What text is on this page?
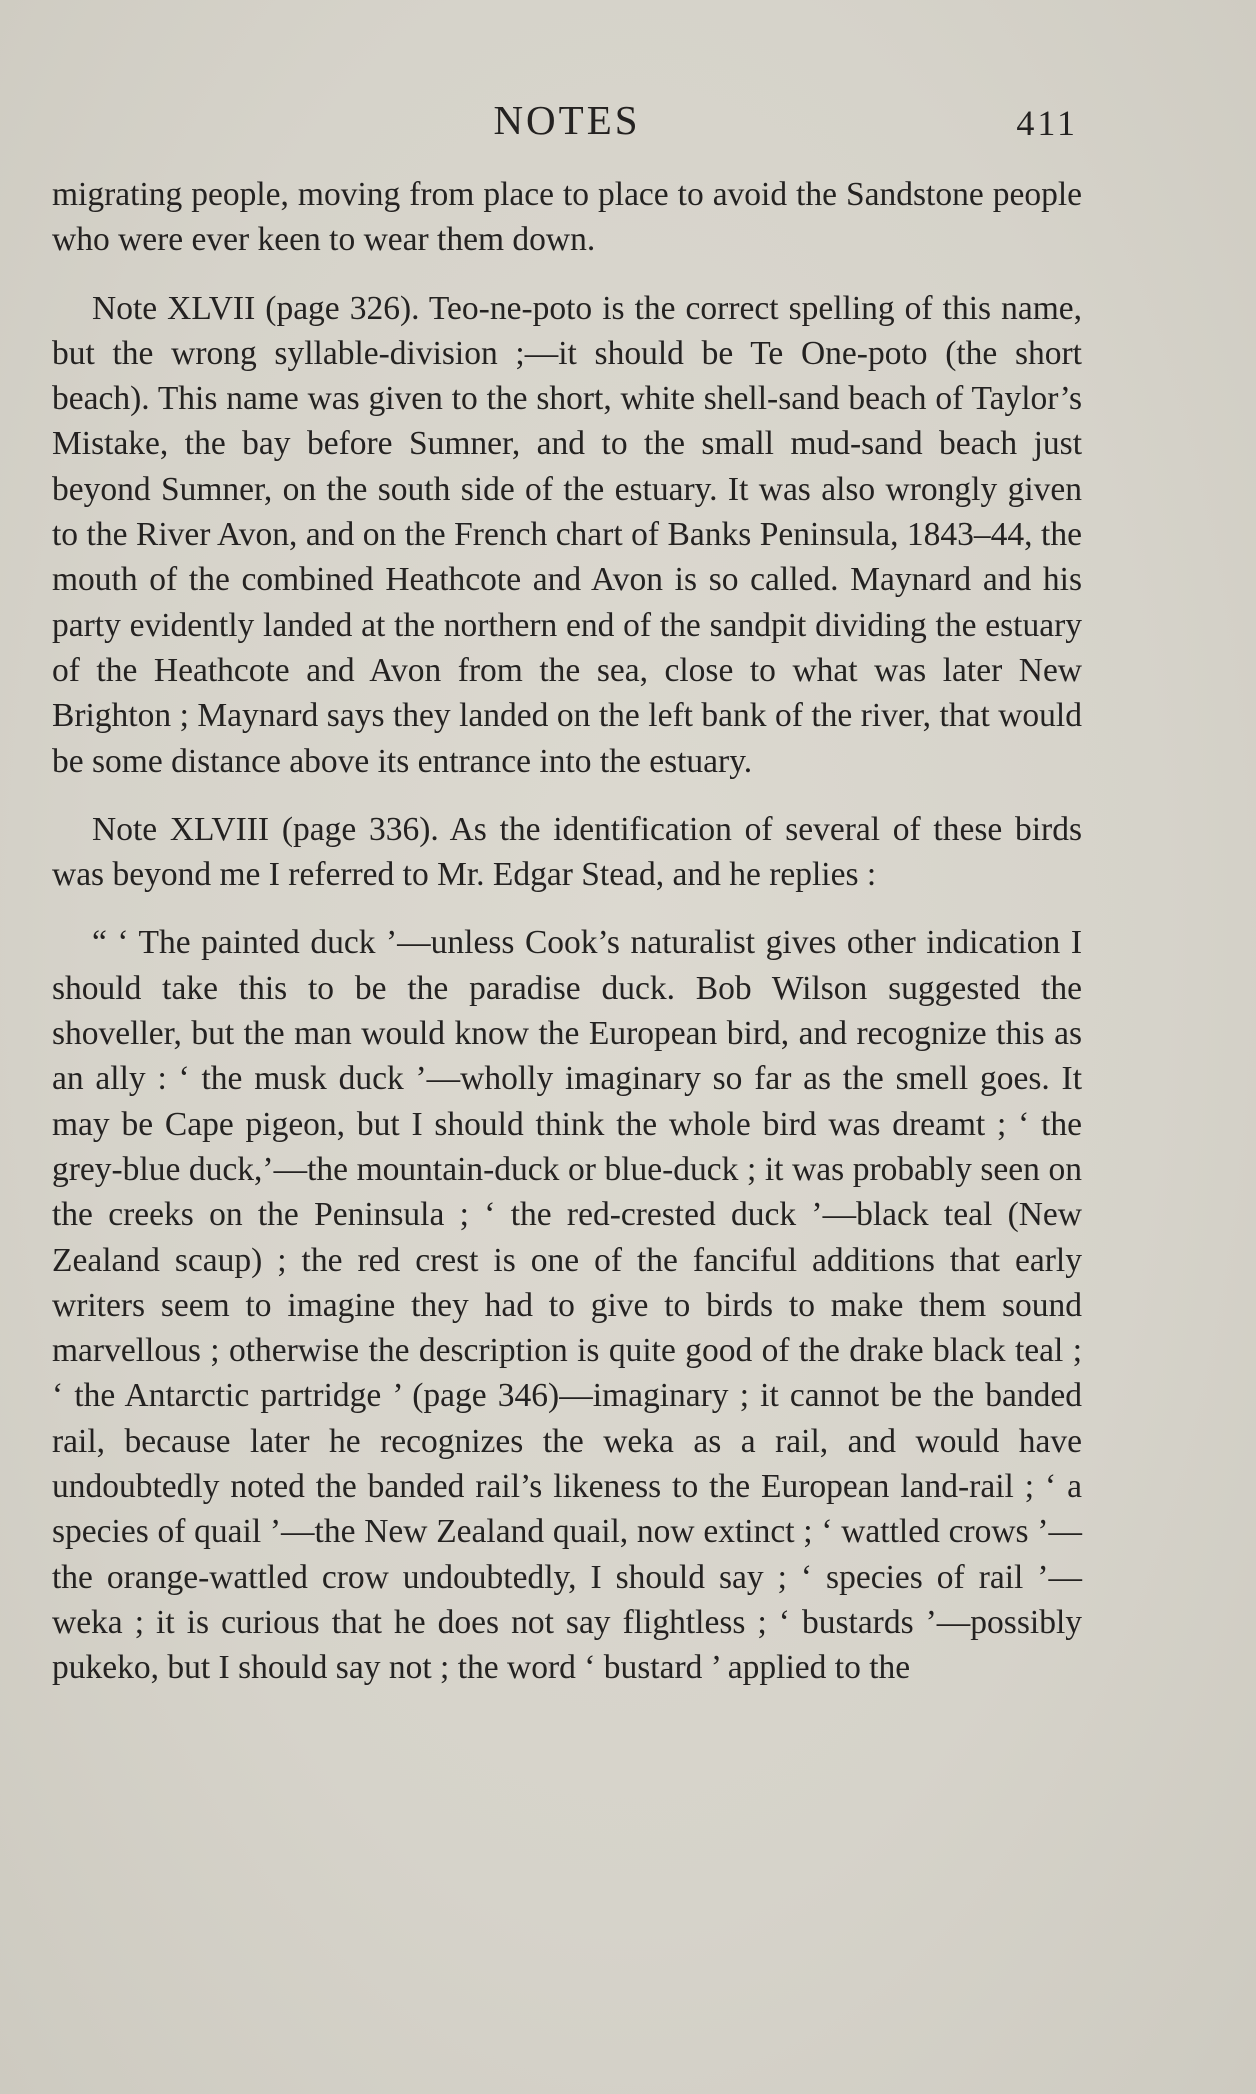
NOTES	411

migrating people, moving from place to place to avoid the Sandstone people who were ever keen to wear them down.

Note XLVII (page 326). Teo-ne-poto is the correct spelling of this name, but the wrong syllable-division ;—it should be Te One-poto (the short beach). This name was given to the short, white shell-sand beach of Taylor’s Mistake, the bay before Sumner, and to the small mud-sand beach just beyond Sumner, on the south side of the estuary. It was also wrongly given to the River Avon, and on the French chart of Banks Peninsula, 1843–44, the mouth of the combined Heathcote and Avon is so called. Maynard and his party evidently landed at the northern end of the sandpit dividing the estuary of the Heathcote and Avon from the sea, close to what was later New Brighton ; Maynard says they landed on the left bank of the river, that would be some distance above its entrance into the estuary.

Note XLVIII (page 336). As the identification of several of these birds was beyond me I referred to Mr. Edgar Stead, and he replies :

“ ‘ The painted duck ’—unless Cook’s naturalist gives other indication I should take this to be the paradise duck. Bob Wilson suggested the shoveller, but the man would know the European bird, and recognize this as an ally : ‘ the musk duck ’—wholly imaginary so far as the smell goes. It may be Cape pigeon, but I should think the whole bird was dreamt ; ‘ the grey-blue duck,’—the mountain-duck or blue-duck ; it was probably seen on the creeks on the Peninsula ; ‘ the red-crested duck ’—black teal (New Zealand scaup) ; the red crest is one of the fanciful additions that early writers seem to imagine they had to give to birds to make them sound marvellous ; otherwise the description is quite good of the drake black teal ; ‘ the Antarctic partridge ’ (page 346)—imaginary ; it cannot be the banded rail, because later he recognizes the weka as a rail, and would have undoubtedly noted the banded rail’s likeness to the European land-rail ; ‘ a species of quail ’—the New Zealand quail, now extinct ; ‘ wattled crows ’—the orange-wattled crow undoubtedly, I should say ; ‘ species of rail ’—weka ; it is curious that he does not say flightless ; ‘ bustards ’—possibly pukeko, but I should say not ; the word ‘ bustard ’ applied to the
